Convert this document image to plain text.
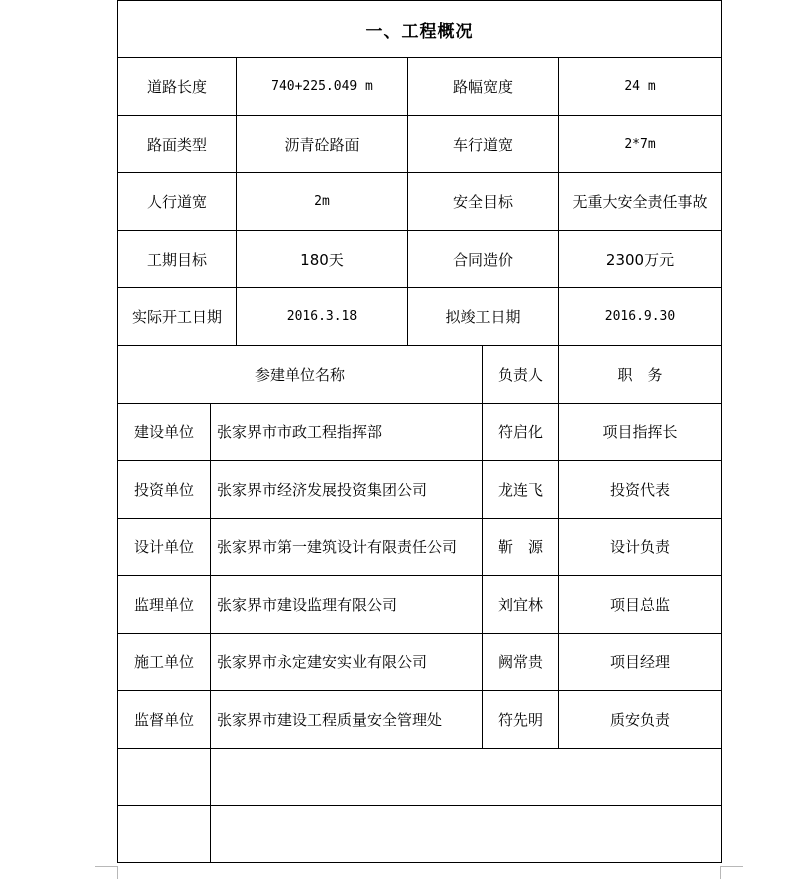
一、工程概况			
道路长度	740+225.049 m	路幅宽度	24 m
路面类型	沥青砼路面	车行道宽	2*7m
人行道宽	2m	安全目标	无重大安全责任事故
工期目标	180天	合同造价	2300万元
实际开工日期	2016.3.18	拟竣工日期	2016.9.30
参建单位名称		负责人	职　务
建设单位	张家界市市政工程指挥部	符启化	项目指挥长
投资单位	张家界市经济发展投资集团公司	龙连飞	投资代表
设计单位	张家界市第一建筑设计有限责任公司	靳　源	设计负责
监理单位	张家界市建设监理有限公司	刘宜林	项目总监
施工单位	张家界市永定建安实业有限公司	阙常贵	项目经理
监督单位	张家界市建设工程质量安全管理处	符先明	质安负责
